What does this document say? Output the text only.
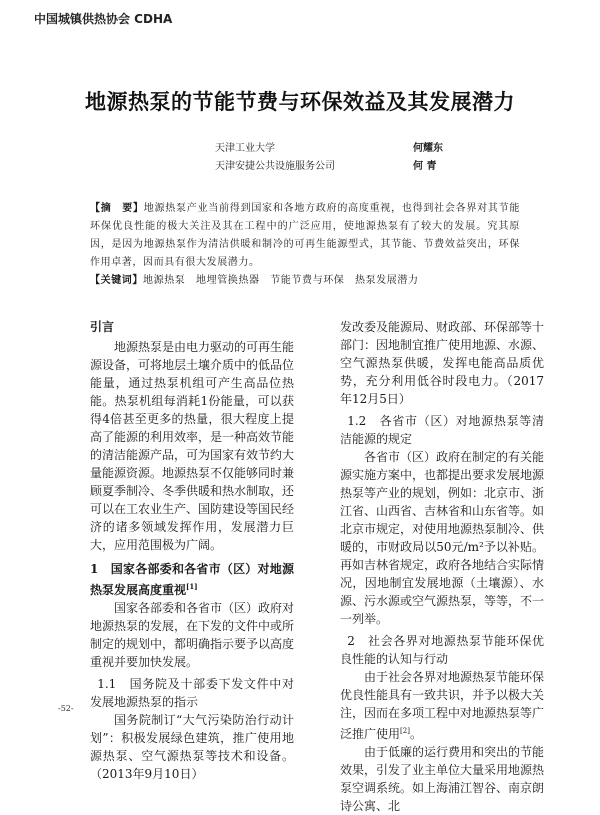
中国城镇供热协会 CDHA
地源热泵的节能节费与环保效益及其发展潜力
天津工业大学	何耀东
天津安捷公共设施服务公司	何 青
【摘　要】地源热泵产业当前得到国家和各地方政府的高度重视，也得到社会各界对其节能环保优良性能的极大关注及其在工程中的广泛应用，使地源热泵有了较大的发展。究其原因，是因为地源热泵作为清洁供暖和制冷的可再生能源型式，其节能、节费效益突出，环保作用卓著，因而具有很大发展潜力。
【关键词】地源热泵　地埋管换热器　节能节费与环保　热泵发展潜力

引言

地源热泵是由电力驱动的可再生能源设备，可将地层土壤介质中的低品位能量，通过热泵机组可产生高品位热能。热泵机组每消耗1份能量，可以获得4倍甚至更多的热量，很大程度上提高了能源的利用效率，是一种高效节能的清洁能源产品，可为国家有效节约大量能源资源。地源热泵不仅能够同时兼顾夏季制冷、冬季供暖和热水制取，还可以在工农业生产、国防建设等国民经济的诸多领域发挥作用，发展潜力巨大，应用范围极为广阔。

1　国家各部委和各省市（区）对地源热泵发展高度重视[1]

国家各部委和各省市（区）政府对地源热泵的发展，在下发的文件中或所制定的规划中，都明确指示要予以高度重视并要加快发展。

1.1　国务院及十部委下发文件中对发展地源热泵的指示

国务院制订“大气污染防治行动计划”：积极发展绿色建筑，推广使用地源热泵、空气源热泵等技术和设备。（2013年9月10日）

发改委及能源局、财政部、环保部等十部门：因地制宜推广使用地源、水源、空气源热泵供暖，发挥电能高品质优势，充分利用低谷时段电力。（2017年12月5日）

1.2　各省市（区）对地源热泵等清洁能源的规定

各省市（区）政府在制定的有关能源实施方案中，也都提出要求发展地源热泵等产业的规划，例如：北京市、浙江省、山西省、吉林省和山东省等。如北京市规定，对使用地源热泵制冷、供暖的，市财政局以50元/m²予以补贴。再如吉林省规定，政府各地结合实际情况，因地制宜发展地源（土壤源）、水源、污水源或空气源热泵，等等，不一一列举。

2　社会各界对地源热泵节能环保优良性能的认知与行动

由于社会各界对地源热泵节能环保优良性能具有一致共识，并予以极大关注，因而在多项工程中对地源热泵等广泛推广使用[2]。

由于低廉的运行费用和突出的节能效果，引发了业主单位大量采用地源热泵空调系统。如上海浦江智谷、南京朗诗公寓、北

-52-
